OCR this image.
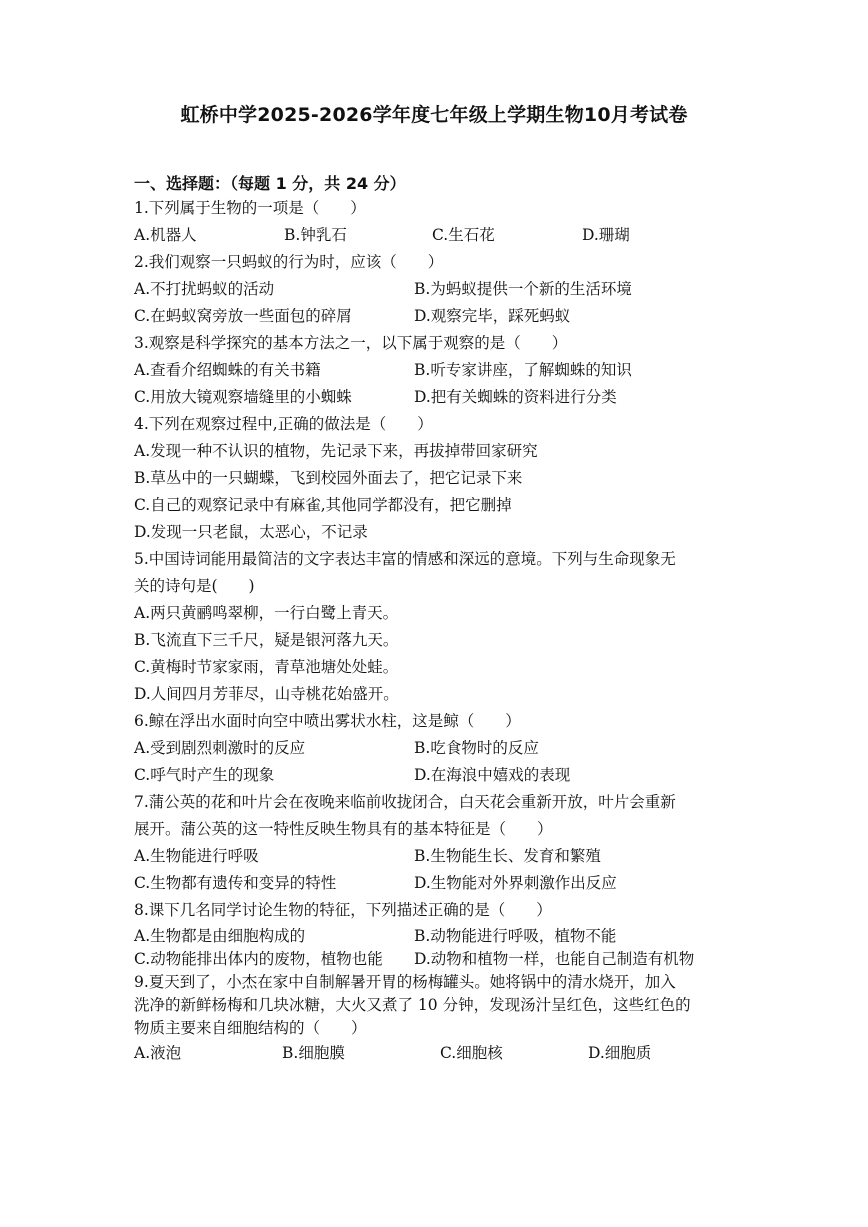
虹桥中学2025-2026学年度七年级上学期生物10月考试卷
一、选择题：（每题 1 分，共 24 分）
1.下列属于生物的一项是（　　）
A.机器人	B.钟乳石	C.生石花	D.珊瑚
2.我们观察一只蚂蚁的行为时，应该（　　）
A.不打扰蚂蚁的活动	B.为蚂蚁提供一个新的生活环境
C.在蚂蚁窝旁放一些面包的碎屑	D.观察完毕，踩死蚂蚁
3.观察是科学探究的基本方法之一，以下属于观察的是（　　）
A.查看介绍蜘蛛的有关书籍	B.听专家讲座，了解蜘蛛的知识
C.用放大镜观察墙缝里的小蜘蛛	D.把有关蜘蛛的资料进行分类
4.下列在观察过程中,正确的做法是（　　）
A.发现一种不认识的植物，先记录下来，再拔掉带回家研究
B.草丛中的一只蝴蝶，飞到校园外面去了，把它记录下来
C.自己的观察记录中有麻雀,其他同学都没有，把它删掉
D.发现一只老鼠，太恶心，不记录
5.中国诗词能用最简洁的文字表达丰富的情感和深远的意境。下列与生命现象无
关的诗句是(　　)
A.两只黄鹂鸣翠柳，一行白鹭上青天。
B.飞流直下三千尺，疑是银河落九天。
C.黄梅时节家家雨，青草池塘处处蛙。
D.人间四月芳菲尽，山寺桃花始盛开。
6.鲸在浮出水面时向空中喷出雾状水柱，这是鲸（　　）
A.受到剧烈刺激时的反应	B.吃食物时的反应
C.呼气时产生的现象	D.在海浪中嬉戏的表现
7.蒲公英的花和叶片会在夜晚来临前收拢闭合，白天花会重新开放，叶片会重新
展开。蒲公英的这一特性反映生物具有的基本特征是（　　）
A.生物能进行呼吸	B.生物能生长、发育和繁殖
C.生物都有遗传和变异的特性	D.生物能对外界刺激作出反应
8.课下几名同学讨论生物的特征，下列描述正确的是（　　）
A.生物都是由细胞构成的	B.动物能进行呼吸，植物不能
C.动物能排出体内的废物，植物也能 D.动物和植物一样，也能自己制造有机物
9.夏天到了，小杰在家中自制解暑开胃的杨梅罐头。她将锅中的清水烧开，加入
洗净的新鲜杨梅和几块冰糖，大火又煮了 10 分钟，发现汤汁呈红色，这些红色的
物质主要来自细胞结构的（　　）
A.液泡	B.细胞膜	C.细胞核	D.细胞质
